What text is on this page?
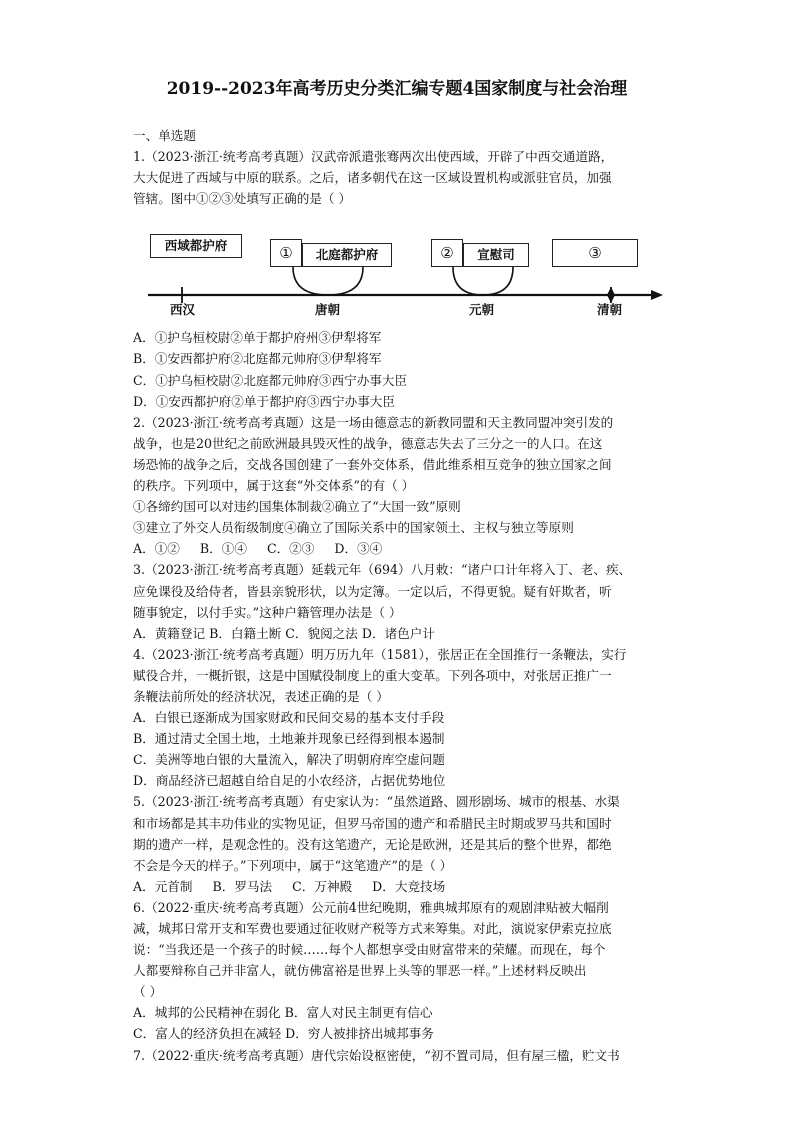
2019--2023年高考历史分类汇编专题4国家制度与社会治理
一、单选题
1.（2023·浙江·统考高考真题）汉武帝派遣张骞两次出使西域，开辟了中西交通道路，
大大促进了西域与中原的联系。之后，诸多朝代在这一区域设置机构或派驻官员，加强
管辖。图中①②③处填写正确的是（ ）
西域都护府	①	北庭都护府	②	宣慰司	③
西汉	唐朝	元朝	清朝
A．①护乌桓校尉②单于都护府州③伊犁将军
B．①安西都护府②北庭都元帅府③伊犁将军
C．①护乌桓校尉②北庭都元帅府③西宁办事大臣
D．①安西都护府②单于都护府③西宁办事大臣
2.（2023·浙江·统考高考真题）这是一场由德意志的新教同盟和天主教同盟冲突引发的
战争，也是20世纪之前欧洲最具毁灭性的战争，德意志失去了三分之一的人口。在这
场恐怖的战争之后，交战各国创建了一套外交体系，借此维系相互竞争的独立国家之间
的秩序。下列项中，属于这套“外交体系”的有（ ）
①各缔约国可以对违约国集体制裁②确立了“大国一致”原则
③建立了外交人员衔级制度④确立了国际关系中的国家领土、主权与独立等原则
A．①②     B．①④     C．②③     D．③④
3.（2023·浙江·统考高考真题）延载元年（694）八月敕：“诸户口计年将入丁、老、疾、
应免课役及给侍者，皆县亲貌形状，以为定簿。一定以后，不得更貌。疑有奸欺者，听
随事貌定，以付手实。”这种户籍管理办法是（ ）
A．黄籍登记 B．白籍土断 C．貌阅之法 D．诸色户计
4.（2023·浙江·统考高考真题）明万历九年（1581），张居正在全国推行一条鞭法，实行
赋役合并，一概折银，这是中国赋役制度上的重大变革。下列各项中，对张居正推广一
条鞭法前所处的经济状况，表述正确的是（ ）
A．白银已逐渐成为国家财政和民间交易的基本支付手段
B．通过清丈全国土地，土地兼并现象已经得到根本遏制
C．美洲等地白银的大量流入，解决了明朝府库空虚问题
D．商品经济已超越自给自足的小农经济，占据优势地位
5.（2023·浙江·统考高考真题）有史家认为：“虽然道路、圆形剧场、城市的根基、水渠
和市场都是其丰功伟业的实物见证，但罗马帝国的遗产和希腊民主时期或罗马共和国时
期的遗产一样，是观念性的。没有这笔遗产，无论是欧洲，还是其后的整个世界，都绝
不会是今天的样子。”下列项中，属于“这笔遗产”的是（ ）
A．元首制     B．罗马法     C．万神殿     D．大竞技场
6.（2022·重庆·统考高考真题）公元前4世纪晚期，雅典城邦原有的观剧津贴被大幅削
减，城邦日常开支和军费也要通过征收财产税等方式来筹集。对此，演说家伊索克拉底
说：“当我还是一个孩子的时候……每个人都想享受由财富带来的荣耀。而现在，每个
人都要辩称自己并非富人，就仿佛富裕是世界上头等的罪恶一样。”上述材料反映出
（ ）
A．城邦的公民精神在弱化 B．富人对民主制更有信心
C．富人的经济负担在减轻 D．穷人被排挤出城邦事务
7.（2022·重庆·统考高考真题）唐代宗始设枢密使，“初不置司局，但有屋三楹，贮文书
